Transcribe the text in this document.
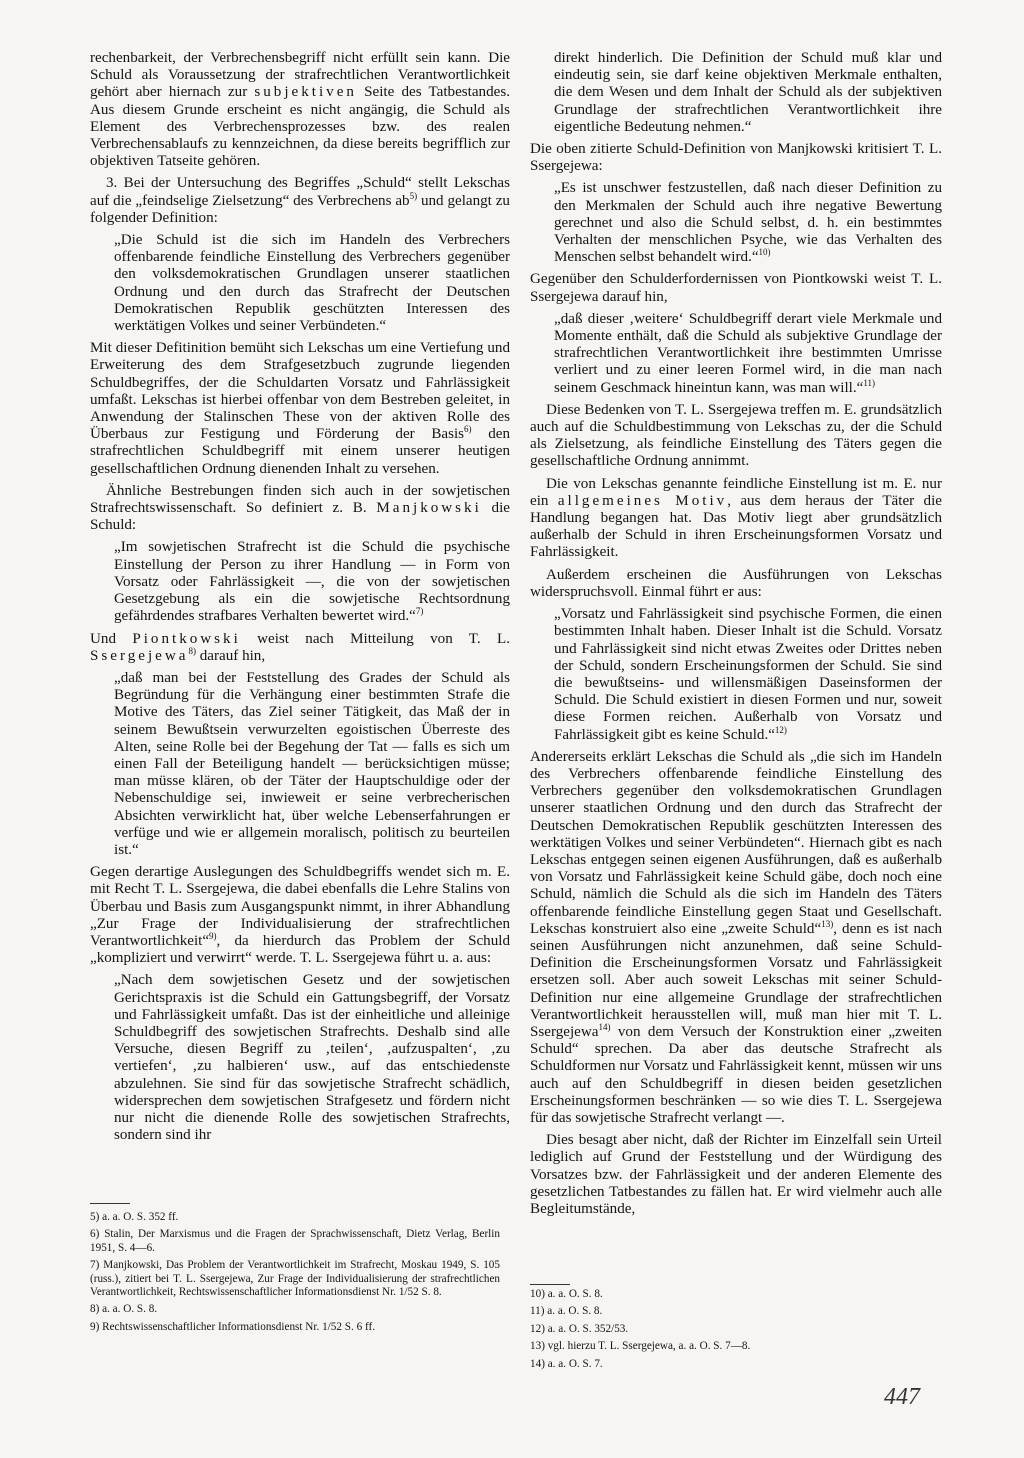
rechenbarkeit, der Verbrechensbegriff nicht erfüllt sein kann. Die Schuld als Voraussetzung der strafrechtlichen Verantwortlichkeit gehört aber hiernach zur subjektiven Seite des Tatbestandes. Aus diesem Grunde erscheint es nicht angängig, die Schuld als Element des Verbrechensprozesses bzw. des realen Verbrechensablaufs zu kennzeichnen, da diese bereits begrifflich zur objektiven Tatseite gehören.

3. Bei der Untersuchung des Begriffes „Schuld“ stellt Lekschas auf die „feindselige Zielsetzung“ des Verbrechens $ab^{5)}$ und gelangt zu folgender Definition:

„Die Schuld ist die sich im Handeln des Verbrechers offenbarende feindliche Einstellung des Verbrechers gegenüber den volksdemokratischen Grundlagen unserer staatlichen Ordnung und den durch das Strafrecht der Deutschen Demokratischen Republik geschützten Interessen des werktätigen Volkes und seiner Verbündeten.“

Mit dieser Defitinition bemüht sich Lekschas um eine Vertiefung und Erweiterung des dem Strafgesetzbuch zugrunde liegenden Schuldbegriffes, der die Schuldarten Vorsatz und Fahrlässigkeit umfaßt. Lekschas ist hierbei offenbar von dem Bestreben geleitet, in Anwendung der Stalinschen These von der aktiven Rolle des Überbaus zur Festigung und Förderung der Basis$^{6)}$ den strafrechtlichen Schuldbegriff mit einem unserer heutigen gesellschaftlichen Ordnung dienenden Inhalt zu versehen.

Ähnliche Bestrebungen finden sich auch in der sowjetischen Strafrechtswissenschaft. So definiert z. B. Manjkowski die Schuld:

„Im sowjetischen Strafrecht ist die Schuld die psychische Einstellung der Person zu ihrer Handlung — in Form von Vorsatz oder Fahrlässigkeit —, die von der sowjetischen Gesetzgebung als ein die sowjetische Rechtsordnung gefährdendes strafbares Verhalten bewertet wird.“$^{7)}$

Und Piontkowski weist nach Mitteilung von T. L. Ssergejewa$^{8)}$ darauf hin,

„daß man bei der Feststellung des Grades der Schuld als Begründung für die Verhängung einer bestimmten Strafe die Motive des Täters, das Ziel seiner Tätigkeit, das Maß der in seinem Bewußtsein verwurzelten egoistischen Überreste des Alten, seine Rolle bei der Begehung der Tat — falls es sich um einen Fall der Beteiligung handelt — berücksichtigen müsse; man müsse klären, ob der Täter der Hauptschuldige oder der Nebenschuldige sei, inwieweit er seine verbrecherischen Absichten verwirklicht hat, über welche Lebenserfahrungen er verfüge und wie er allgemein moralisch, politisch zu beurteilen ist.“

Gegen derartige Auslegungen des Schuldbegriffs wendet sich m. E. mit Recht T. L. Ssergejewa, die dabei ebenfalls die Lehre Stalins von Überbau und Basis zum Ausgangspunkt nimmt, in ihrer Abhandlung „Zur Frage der Individualisierung der strafrechtlichen Verantwortlichkeit“$^{9)}$, da hierdurch das Problem der Schuld „kompliziert und verwirrt“ werde. T. L. Ssergejewa führt u. a. aus:

„Nach dem sowjetischen Gesetz und der sowjetischen Gerichtspraxis ist die Schuld ein Gattungsbegriff, der Vorsatz und Fahrlässigkeit umfaßt. Das ist der einheitliche und alleinige Schuldbegriff des sowjetischen Strafrechts. Deshalb sind alle Versuche, diesen Begriff zu ‚teilen‘, ‚aufzuspalten‘, ‚zu vertiefen‘, ‚zu halbieren‘ usw., auf das entschiedenste abzulehnen. Sie sind für das sowjetische Strafrecht schädlich, widersprechen dem sowjetischen Strafgesetz und fördern nicht nur nicht die dienende Rolle des sowjetischen Strafrechts, sondern sind ihr

5) a. a. O. S. 352 ff.

6) Stalin, Der Marxismus und die Fragen der Sprachwissenschaft, Dietz Verlag, Berlin 1951, S. 4—6.

7) Manjkowski, Das Problem der Verantwortlichkeit im Strafrecht, Moskau 1949, S. 105 (russ.), zitiert bei T. L. Ssergejewa, Zur Frage der Individualisierung der strafrechtlichen Verantwortlichkeit, Rechtswissenschaftlicher Informationsdienst Nr. 1/52 S. 8.

8) a. a. O. S. 8.

9) Rechtswissenschaftlicher Informationsdienst Nr. 1/52 S. 6 ff.

direkt hinderlich. Die Definition der Schuld muß klar und eindeutig sein, sie darf keine objektiven Merkmale enthalten, die dem Wesen und dem Inhalt der Schuld als der subjektiven Grundlage der strafrechtlichen Verantwortlichkeit ihre eigentliche Bedeutung nehmen.“

Die oben zitierte Schuld-Definition von Manjkowski kritisiert T. L. Ssergejewa:

„Es ist unschwer festzustellen, daß nach dieser Definition zu den Merkmalen der Schuld auch ihre negative Bewertung gerechnet und also die Schuld selbst, d. h. ein bestimmtes Verhalten der menschlichen Psyche, wie das Verhalten des Menschen selbst behandelt wird.“$^{10)}$

Gegenüber den Schulderfordernissen von Piontkowski weist T. L. Ssergejewa darauf hin,

„daß dieser ‚weitere‘ Schuldbegriff derart viele Merkmale und Momente enthält, daß die Schuld als subjektive Grundlage der strafrechtlichen Verantwortlichkeit ihre bestimmten Umrisse verliert und zu einer leeren Formel wird, in die man nach seinem Geschmack hineintun kann, was man will.“$^{11)}$

Diese Bedenken von T. L. Ssergejewa treffen m. E. grundsätzlich auch auf die Schuldbestimmung von Lekschas zu, der die Schuld als Zielsetzung, als feindliche Einstellung des Täters gegen die gesellschaftliche Ordnung annimmt.

Die von Lekschas genannte feindliche Einstellung ist m. E. nur ein allgemeines Motiv, aus dem heraus der Täter die Handlung begangen hat. Das Motiv liegt aber grundsätzlich außerhalb der Schuld in ihren Erscheinungsformen Vorsatz und Fahrlässigkeit.

Außerdem erscheinen die Ausführungen von Lekschas widerspruchsvoll. Einmal führt er aus:

„Vorsatz und Fahrlässigkeit sind psychische Formen, die einen bestimmten Inhalt haben. Dieser Inhalt ist die Schuld. Vorsatz und Fahrlässigkeit sind nicht etwas Zweites oder Drittes neben der Schuld, sondern Erscheinungsformen der Schuld. Sie sind die bewußtseins- und willensmäßigen Daseinsformen der Schuld. Die Schuld existiert in diesen Formen und nur, soweit diese Formen reichen. Außerhalb von Vorsatz und Fahrlässigkeit gibt es keine Schuld.“$^{12)}$

Andererseits erklärt Lekschas die Schuld als „die sich im Handeln des Verbrechers offenbarende feindliche Einstellung des Verbrechers gegenüber den volksdemokratischen Grundlagen unserer staatlichen Ordnung und den durch das Strafrecht der Deutschen Demokratischen Republik geschützten Interessen des werktätigen Volkes und seiner Verbündeten“. Hiernach gibt es nach Lekschas entgegen seinen eigenen Ausführungen, daß es außerhalb von Vorsatz und Fahrlässigkeit keine Schuld gäbe, doch noch eine Schuld, nämlich die Schuld als die sich im Handeln des Täters offenbarende feindliche Einstellung gegen Staat und Gesellschaft. Lekschas konstruiert also eine „zweite Schuld“$^{13)}$, denn es ist nach seinen Ausführungen nicht anzunehmen, daß seine Schuld-Definition die Erscheinungsformen Vorsatz und Fahrlässigkeit ersetzen soll. Aber auch soweit Lekschas mit seiner Schuld-Definition nur eine allgemeine Grundlage der strafrechtlichen Verantwortlichkeit herausstellen will, muß man hier mit T. L. Ssergejewa$^{14)}$ von dem Versuch der Konstruktion einer „zweiten Schuld“ sprechen. Da aber das deutsche Strafrecht als Schuldformen nur Vorsatz und Fahrlässigkeit kennt, müssen wir uns auch auf den Schuldbegriff in diesen beiden gesetzlichen Erscheinungsformen beschränken — so wie dies T. L. Ssergejewa für das sowjetische Strafrecht verlangt —.

Dies besagt aber nicht, daß der Richter im Einzelfall sein Urteil lediglich auf Grund der Feststellung und der Würdigung des Vorsatzes bzw. der Fahrlässigkeit und der anderen Elemente des gesetzlichen Tatbestandes zu fällen hat. Er wird vielmehr auch alle Begleitumstände,

10) a. a. O. S. 8.

11) a. a. O. S. 8.

12) a. a. O. S. 352/53.

13) vgl. hierzu T. L. Ssergejewa, a. a. O. S. 7—8.

14) a. a. O. S. 7.

447
